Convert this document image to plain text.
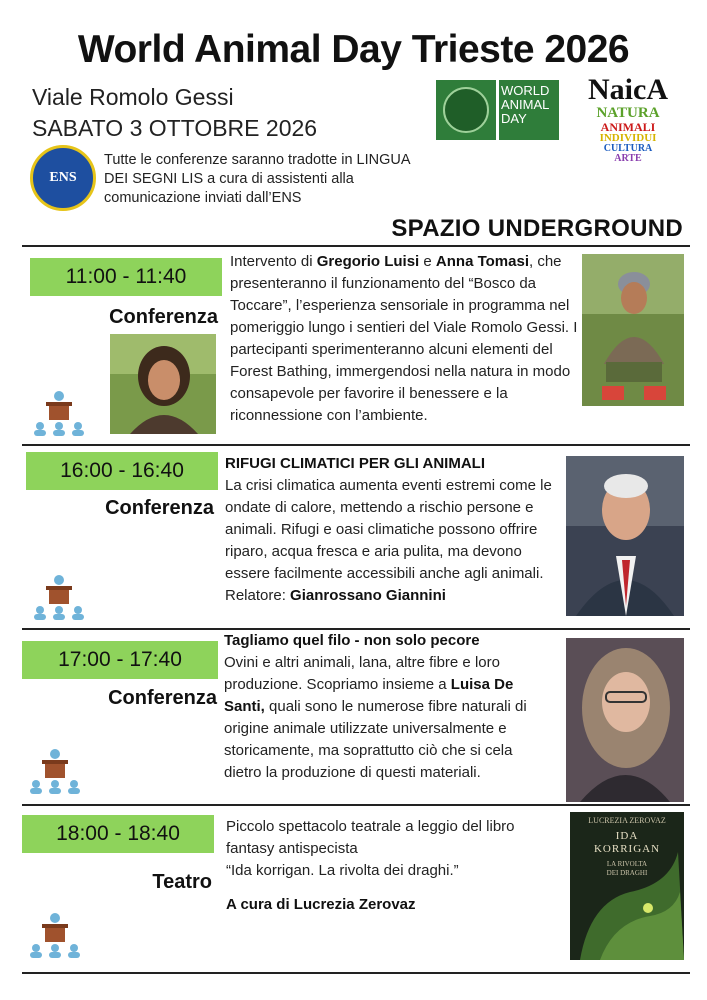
World Animal Day Trieste 2026
Viale Romolo Gessi
SABATO 3 OTTOBRE 2026
ENS
Tutte le conferenze saranno tradotte in LINGUA DEI SEGNI LIS a cura di assistenti alla comunicazione inviati dall’ENS
WORLD ANIMAL DAY
NaicA
NATURA
ANIMALI
INDIVIDUI
CULTURA
ARTE
SPAZIO UNDERGROUND
11:00 - 11:40
Conferenza
Intervento di Gregorio Luisi e Anna Tomasi, che presenteranno il funzionamento del “Bosco da Toccare”, l’esperienza sensoriale in programma nel pomeriggio lungo i sentieri del Viale Romolo Gessi. I partecipanti sperimenteranno alcuni elementi del Forest Bathing, immergendosi nella natura in modo consapevole per favorire il benessere e la riconnessione con l’ambiente.
16:00 - 16:40
Conferenza
RIFUGI CLIMATICI PER GLI ANIMALI
La crisi climatica aumenta eventi estremi come le ondate di calore, mettendo a rischio persone e animali. Rifugi e oasi climatiche possono offrire riparo, acqua fresca e aria pulita, ma devono essere facilmente accessibili anche agli animali.
Relatore: Gianrossano Giannini
17:00 - 17:40
Conferenza
Tagliamo quel filo - non solo pecore
Ovini e altri animali, lana, altre fibre e loro produzione. Scopriamo insieme a Luisa De Santi, quali sono le numerose fibre naturali di origine animale utilizzate universalmente e storicamente, ma soprattutto ciò che si cela dietro la produzione di questi materiali.
18:00 - 18:40
Teatro
Piccolo spettacolo teatrale a leggio del libro fantasy antispecista
“Ida korrigan. La rivolta dei draghi.”
A cura di Lucrezia Zerovaz
LUCREZIA ZEROVAZ
IDA
KORRIGAN
LA RIVOLTA
DEI DRAGHI
